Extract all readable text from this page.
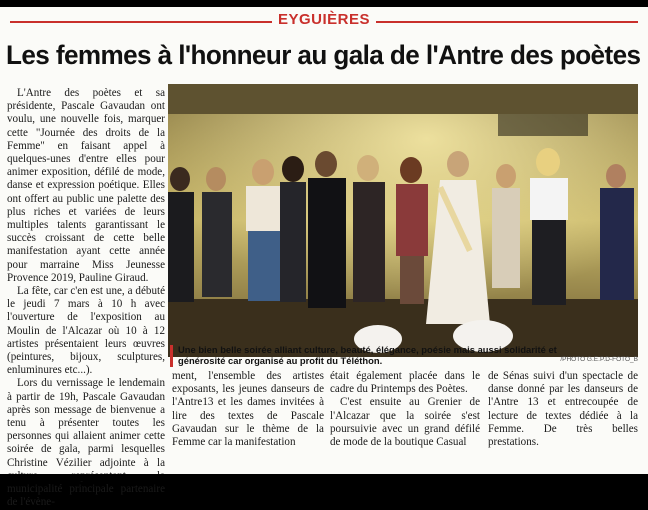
EYGUIÈRES
Les femmes à l'honneur au gala de l'Antre des poètes

L'Antre des poètes et sa présidente, Pascale Gavaudan ont voulu, une nouvelle fois, marquer cette "Journée des droits de la Femme" en faisant appel à quelques-unes d'entre elles pour animer exposition, défilé de mode, danse et expression poétique. Elles ont offert au public une palette des plus riches et variées de leurs multiples talents garantissant le succès croissant de cette belle manifestation ayant cette année pour marraine Miss Jeunesse Provence 2019, Pauline Giraud.

La fête, car c'en est une, a débuté le jeudi 7 mars à 10 h avec l'ouverture de l'exposition au Moulin de l'Alcazar où 10 à 12 artistes présentaient leurs œuvres (peintures, bijoux, sculptures, enluminures etc...).

Lors du vernissage le lendemain à partir de 19h, Pascale Gavaudan après son message de bienvenue a tenu à présenter toutes les personnes qui allaient animer cette soirée de gala, parmi lesquelles Christine Vézilier adjointe à la municipalité principale partenaire de l'évène-

Une bien belle soirée alliant culture, beauté, élégance, poésie mais aussi solidarité et générosité car organisé au profit du Téléthon.	/PHOTO G.E.P.D-FOTO_B
ment, l'ensemble des artistes exposants, les jeunes danseurs de l'Antre13 et les dames invitées à lire des textes de Pascale Gavaudan sur le thème de la Femme car la manifestation
était également placée dans le cadre du Printemps des Poètes.
C'est ensuite au Grenier de l'Alcazar que la soirée s'est poursuivie avec un grand défilé de mode de la boutique Casual
de Sénas suivi d'un spectacle de danse donné par les danseurs de l'Antre 13 et entrecoupée de lecture de textes dédiée à la Femme. De très belles prestations.
